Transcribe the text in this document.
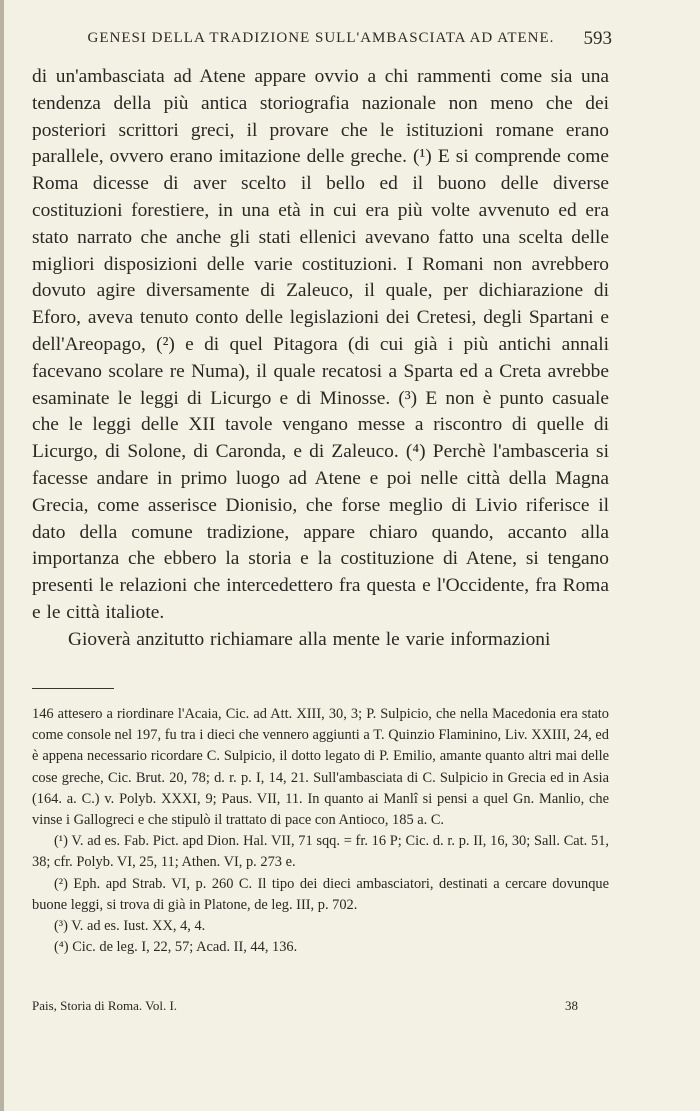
GENESI DELLA TRADIZIONE SULL'AMBASCIATA AD ATENE.	593

di un'ambasciata ad Atene appare ovvio a chi rammenti come sia una tendenza della più antica storiografia nazionale non meno che dei posteriori scrittori greci, il provare che le istituzioni romane erano parallele, ovvero erano imitazione delle greche. (¹) E si comprende come Roma dicesse di aver scelto il bello ed il buono delle diverse costituzioni forestiere, in una età in cui era più volte avvenuto ed era stato narrato che anche gli stati ellenici avevano fatto una scelta delle migliori disposizioni delle varie costituzioni. I Romani non avrebbero dovuto agire diversamente di Zaleuco, il quale, per dichiarazione di Eforo, aveva tenuto conto delle legislazioni dei Cretesi, degli Spartani e dell'Areopago, (²) e di quel Pitagora (di cui già i più antichi annali facevano scolare re Numa), il quale recatosi a Sparta ed a Creta avrebbe esaminate le leggi di Licurgo e di Minosse. (³) E non è punto casuale che le leggi delle XII tavole vengano messe a riscontro di quelle di Licurgo, di Solone, di Caronda, e di Zaleuco. (⁴) Perchè l'ambasceria si facesse andare in primo luogo ad Atene e poi nelle città della Magna Grecia, come asserisce Dionisio, che forse meglio di Livio riferisce il dato della comune tradizione, appare chiaro quando, accanto alla importanza che ebbero la storia e la costituzione di Atene, si tengano presenti le relazioni che intercedettero fra questa e l'Occidente, fra Roma e le città italiote.

Gioverà anzitutto richiamare alla mente le varie informazioni

146 attesero a riordinare l'Acaia, Cic. ad Att. XIII, 30, 3; P. Sulpicio, che nella Macedonia era stato come console nel 197, fu tra i dieci che vennero aggiunti a T. Quinzio Flaminino, Liv. XXIII, 24, ed è appena necessario ricordare C. Sulpicio, il dotto legato di P. Emilio, amante quanto altri mai delle cose greche, Cic. Brut. 20, 78; d. r. p. I, 14, 21. Sull'ambasciata di C. Sulpicio in Grecia ed in Asia (164. a. C.) v. Polyb. XXXI, 9; Paus. VII, 11. In quanto ai Manlî si pensi a quel Gn. Manlio, che vinse i Gallogreci e che stipulò il trattato di pace con Antioco, 185 a. C.

(¹) V. ad es. Fab. Pict. apd Dion. Hal. VII, 71 sqq. = fr. 16 P; Cic. d. r. p. II, 16, 30; Sall. Cat. 51, 38; cfr. Polyb. VI, 25, 11; Athen. VI, p. 273 e.

(²) Eph. apd Strab. VI, p. 260 C. Il tipo dei dieci ambasciatori, destinati a cercare dovunque buone leggi, si trova di già in Platone, de leg. III, p. 702.

(³) V. ad es. Iust. XX, 4, 4.

(⁴) Cic. de leg. I, 22, 57; Acad. II, 44, 136.

Pais, Storia di Roma. Vol. I.	38
